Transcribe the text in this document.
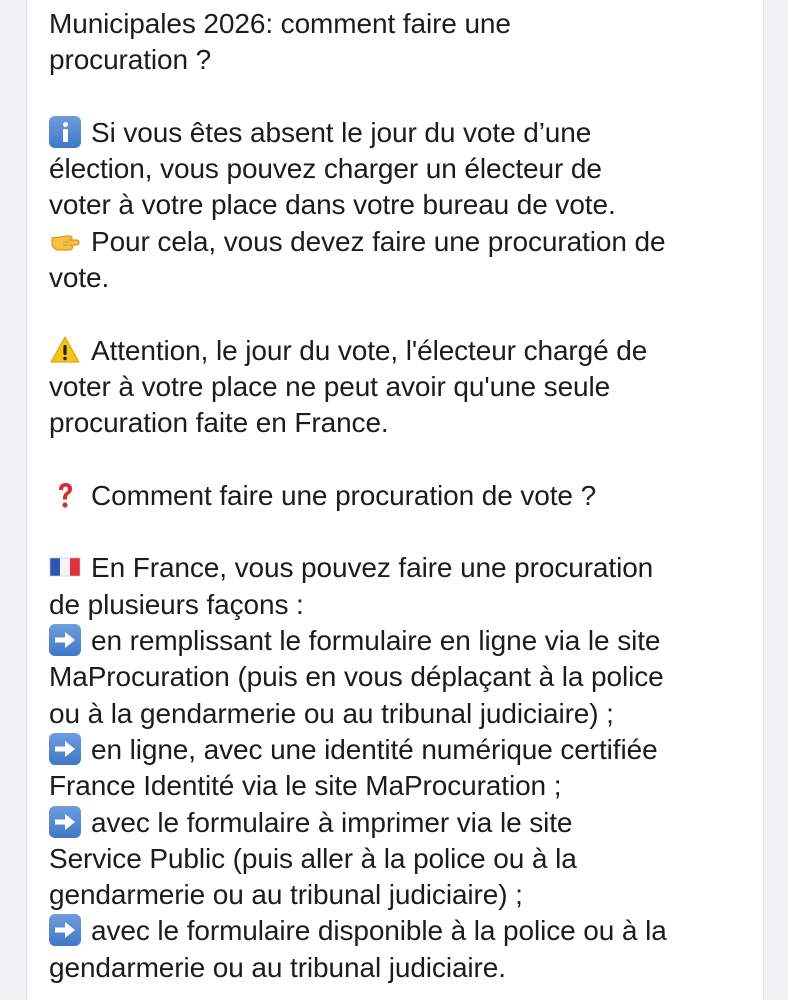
Municipales 2026: comment faire une
procuration ?
Si vous êtes absent le jour du vote d’une
élection, vous pouvez charger un électeur de
voter à votre place dans votre bureau de vote.
Pour cela, vous devez faire une procuration de
vote.
Attention, le jour du vote, l'électeur chargé de
voter à votre place ne peut avoir qu'une seule
procuration faite en France.
Comment faire une procuration de vote ?
En France, vous pouvez faire une procuration
de plusieurs façons :
en remplissant le formulaire en ligne via le site
MaProcuration (puis en vous déplaçant à la police
ou à la gendarmerie ou au tribunal judiciaire) ;
en ligne, avec une identité numérique certifiée
France Identité via le site MaProcuration ;
avec le formulaire à imprimer via le site
Service Public (puis aller à la police ou à la
gendarmerie ou au tribunal judiciaire) ;
avec le formulaire disponible à la police ou à la
gendarmerie ou au tribunal judiciaire.
